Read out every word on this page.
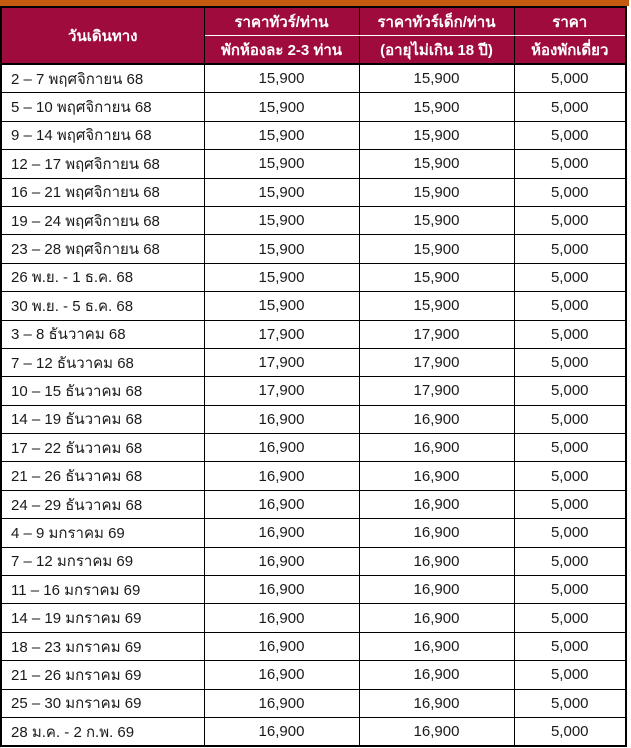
วันเดินทาง	ราคาทัวร์/ท่าน	ราคาทัวร์เด็ก/ท่าน	ราคา
	พักห้องละ 2-3 ท่าน	(อายุไม่เกิน 18 ปี)	ห้องพักเดี่ยว
2 – 7 พฤศจิกายน 68	15,900	15,900	5,000
5 – 10 พฤศจิกายน 68	15,900	15,900	5,000
9 – 14 พฤศจิกายน 68	15,900	15,900	5,000
12 – 17 พฤศจิกายน 68	15,900	15,900	5,000
16 – 21 พฤศจิกายน 68	15,900	15,900	5,000
19 – 24 พฤศจิกายน 68	15,900	15,900	5,000
23 – 28 พฤศจิกายน 68	15,900	15,900	5,000
26 พ.ย. - 1 ธ.ค. 68	15,900	15,900	5,000
30 พ.ย. - 5 ธ.ค. 68	15,900	15,900	5,000
3 – 8 ธันวาคม 68	17,900	17,900	5,000
7 – 12 ธันวาคม 68	17,900	17,900	5,000
10 – 15 ธันวาคม 68	17,900	17,900	5,000
14 – 19 ธันวาคม 68	16,900	16,900	5,000
17 – 22 ธันวาคม 68	16,900	16,900	5,000
21 – 26 ธันวาคม 68	16,900	16,900	5,000
24 – 29 ธันวาคม 68	16,900	16,900	5,000
4 – 9 มกราคม 69	16,900	16,900	5,000
7 – 12 มกราคม 69	16,900	16,900	5,000
11 – 16 มกราคม 69	16,900	16,900	5,000
14 – 19 มกราคม 69	16,900	16,900	5,000
18 – 23 มกราคม 69	16,900	16,900	5,000
21 – 26 มกราคม 69	16,900	16,900	5,000
25 – 30 มกราคม 69	16,900	16,900	5,000
28 ม.ค. - 2 ก.พ. 69	16,900	16,900	5,000
